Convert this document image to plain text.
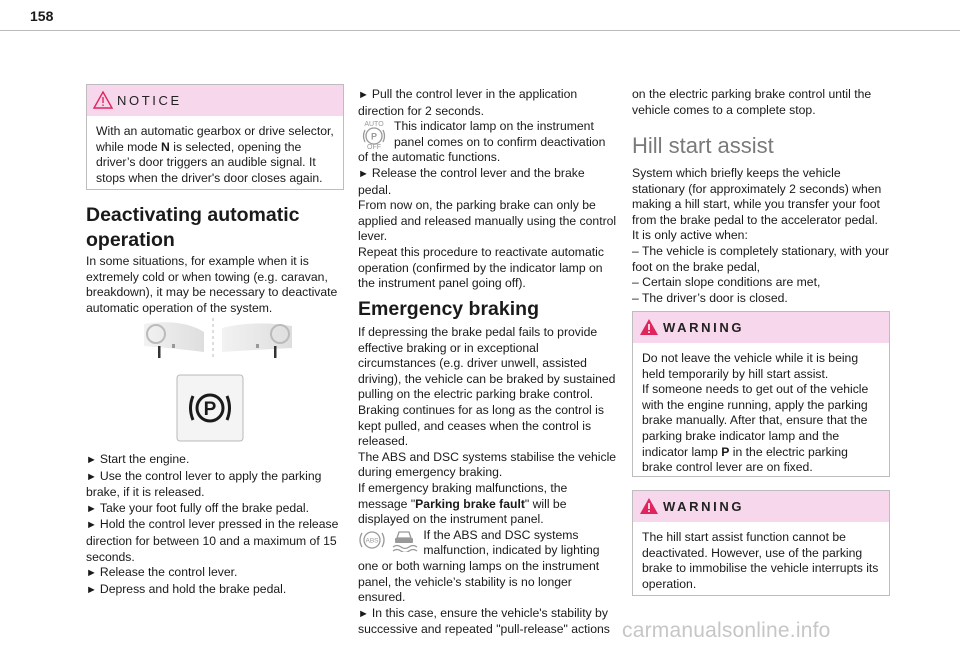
158
NOTICE
With an automatic gearbox or drive selector, while mode N is selected, opening the driver’s door triggers an audible signal. It stops when the driver's door closes again.
Deactivating automatic
operation

In some situations, for example when it is extremely cold or when towing (e.g. caravan, breakdown), it may be necessary to deactivate automatic operation of the system.

P
► Start the engine.
► Use the control lever to apply the parking brake, if it is released.
► Take your foot fully off the brake pedal.
► Hold the control lever pressed in the release direction for between 10 and a maximum of 15 seconds.
► Release the control lever.
► Depress and hold the brake pedal.
► Pull the control lever in the application direction for 2 seconds.
AUTO
P
OFF
This indicator lamp on the instrument panel comes on to confirm deactivation of the automatic functions.
► Release the control lever and the brake pedal.

From now on, the parking brake can only be applied and released manually using the control lever.

Repeat this procedure to reactivate automatic operation (confirmed by the indicator lamp on the instrument panel going off).

Emergency braking

If depressing the brake pedal fails to provide effective braking or in exceptional circumstances (e.g. driver unwell, assisted driving), the vehicle can be braked by sustained pulling on the electric parking brake control. Braking continues for as long as the control is kept pulled, and ceases when the control is released.

The ABS and DSC systems stabilise the vehicle during emergency braking.

If emergency braking malfunctions, the message "Parking brake fault" will be displayed on the instrument panel.

ABS
	If the ABS and DSC systems malfunction, indicated by lighting one or both warning lamps on the instrument panel, the vehicle’s stability is no longer ensured.
► In this case, ensure the vehicle's stability by successive and repeated "pull-release" actions

on the electric parking brake control until the vehicle comes to a complete stop.

Hill start assist

System which briefly keeps the vehicle stationary (for approximately 2 seconds) when making a hill start, while you transfer your foot from the brake pedal to the accelerator pedal.

It is only active when:

– The vehicle is completely stationary, with your foot on the brake pedal,
– Certain slope conditions are met,
– The driver’s door is closed.
WARNING
Do not leave the vehicle while it is being held temporarily by hill start assist.
If someone needs to get out of the vehicle with the engine running, apply the parking brake manually. After that, ensure that the parking brake indicator lamp and the indicator lamp P in the electric parking brake control lever are on fixed.
WARNING
The hill start assist function cannot be deactivated. However, use of the parking brake to immobilise the vehicle interrupts its operation.
carmanualsonline.info
